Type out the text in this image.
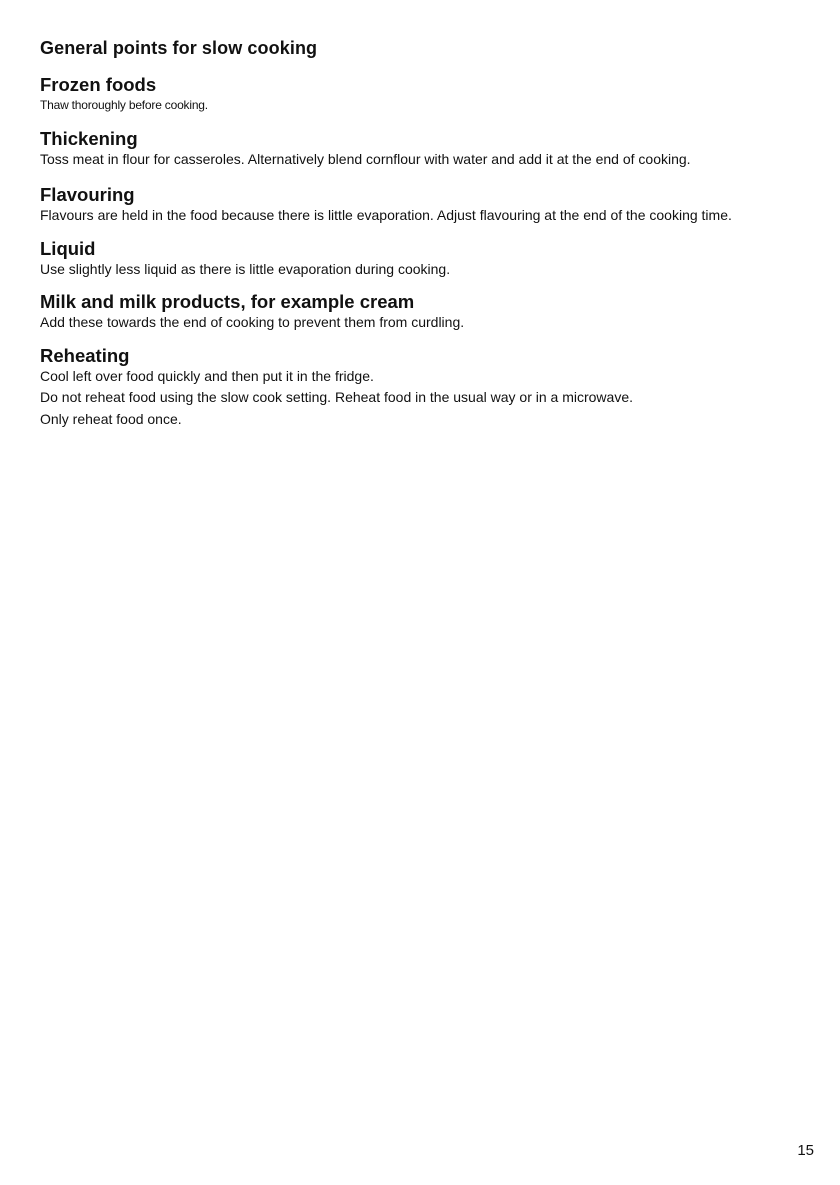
General points for slow cooking
Frozen foods

Thaw thoroughly before cooking.

Thickening

Toss meat in flour for casseroles. Alternatively blend cornflour with water and add it at the end of cooking.

Flavouring

Flavours are held in the food because there is little evaporation. Adjust flavouring at the end of the cooking time.

Liquid

Use slightly less liquid as there is little evaporation during cooking.

Milk and milk products, for example cream

Add these towards the end of cooking to prevent them from curdling.

Reheating

Cool left over food quickly and then put it in the fridge.

Do not reheat food using the slow cook setting. Reheat food in the usual way or in a microwave.

Only reheat food once.

15
